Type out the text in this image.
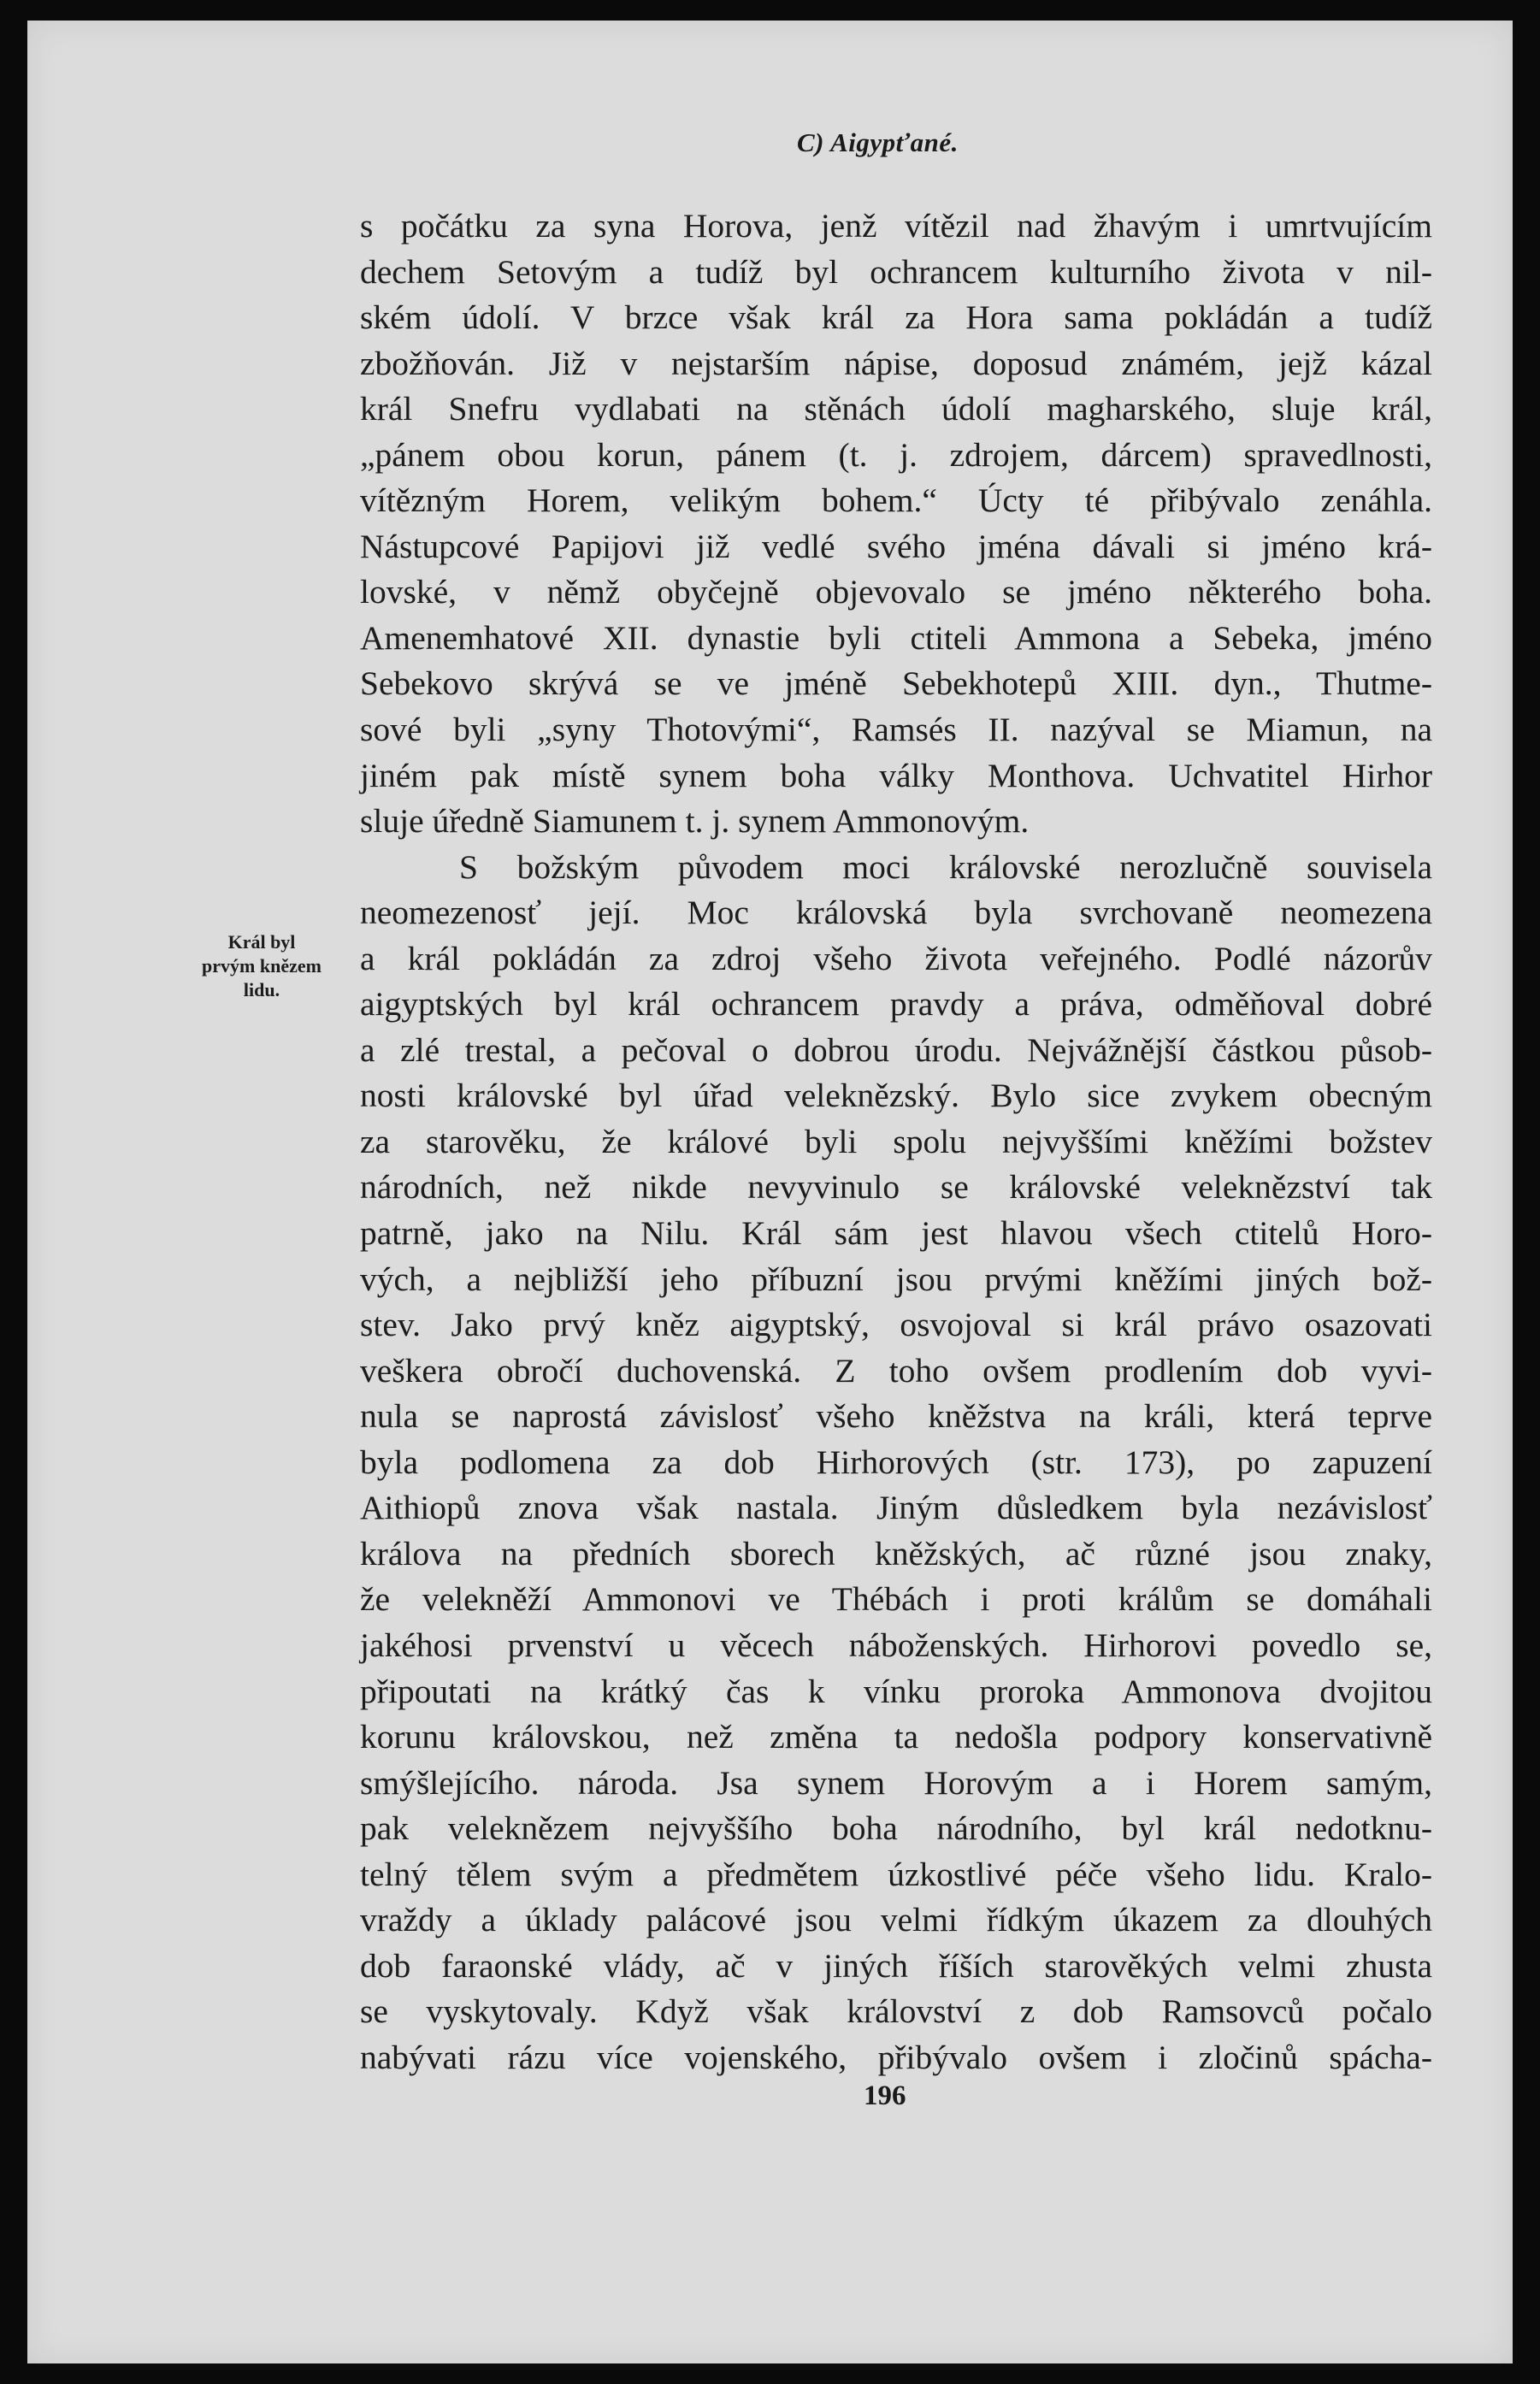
C) Aigypťané.
Král byl
prvým knězem
lidu.
s počátku za syna Horova, jenž vítězil nad žhavým i umrtvujícím
dechem Setovým a tudíž byl ochrancem kulturního života v nil-
ském údolí. V brzce však král za Hora sama pokládán a tudíž
zbožňován. Již v nejstarším nápise, doposud známém, jejž kázal
král Snefru vydlabati na stěnách údolí magharského, sluje král,
„pánem obou korun, pánem (t. j. zdrojem, dárcem) spravedlnosti,
vítězným Horem, velikým bohem.“ Úcty té přibývalo zenáhla.
Nástupcové Papijovi již vedlé svého jména dávali si jméno krá-
lovské, v němž obyčejně objevovalo se jméno některého boha.
Amenemhatové XII. dynastie byli ctiteli Ammona a Sebeka, jméno
Sebekovo skrývá se ve jméně Sebekhotepů XIII. dyn., Thutme-
sové byli „syny Thotovými“, Ramsés II. nazýval se Miamun, na
jiném pak místě synem boha války Monthova. Uchvatitel Hirhor
sluje úředně Siamunem t. j. synem Ammonovým.
S božským původem moci královské nerozlučně souvisela
neomezenosť její. Moc královská byla svrchovaně neomezena
a král pokládán za zdroj všeho života veřejného. Podlé názorův
aigyptských byl král ochrancem pravdy a práva, odměňoval dobré
a zlé trestal, a pečoval o dobrou úrodu. Nejvážnější částkou působ-
nosti královské byl úřad veleknězský. Bylo sice zvykem obecným
za starověku, že králové byli spolu nejvyššími kněžími božstev
národních, než nikde nevyvinulo se královské veleknězství tak
patrně, jako na Nilu. Král sám jest hlavou všech ctitelů Horo-
vých, a nejbližší jeho příbuzní jsou prvými kněžími jiných bož-
stev. Jako prvý kněz aigyptský, osvojoval si král právo osazovati
veškera obročí duchovenská. Z toho ovšem prodlením dob vyvi-
nula se naprostá závislosť všeho kněžstva na králi, která teprve
byla podlomena za dob Hirhorových (str. 173), po zapuzení
Aithiopů znova však nastala. Jiným důsledkem byla nezávislosť
králova na předních sborech kněžských, ač různé jsou znaky,
že velekněží Ammonovi ve Thébách i proti králům se domáhali
jakéhosi prvenství u věcech náboženských. Hirhorovi povedlo se,
připoutati na krátký čas k vínku proroka Ammonova dvojitou
korunu královskou, než změna ta nedošla podpory konservativně
smýšlejícího. národa. Jsa synem Horovým a i Horem samým,
pak veleknězem nejvyššího boha národního, byl král nedotknu-
telný tělem svým a předmětem úzkostlivé péče všeho lidu. Kralo-
vraždy a úklady palácové jsou velmi řídkým úkazem za dlouhých
dob faraonské vlády, ač v jiných říších starověkých velmi zhusta
se vyskytovaly. Když však království z dob Ramsovců počalo
nabývati rázu více vojenského, přibývalo ovšem i zločinů spácha-
196
